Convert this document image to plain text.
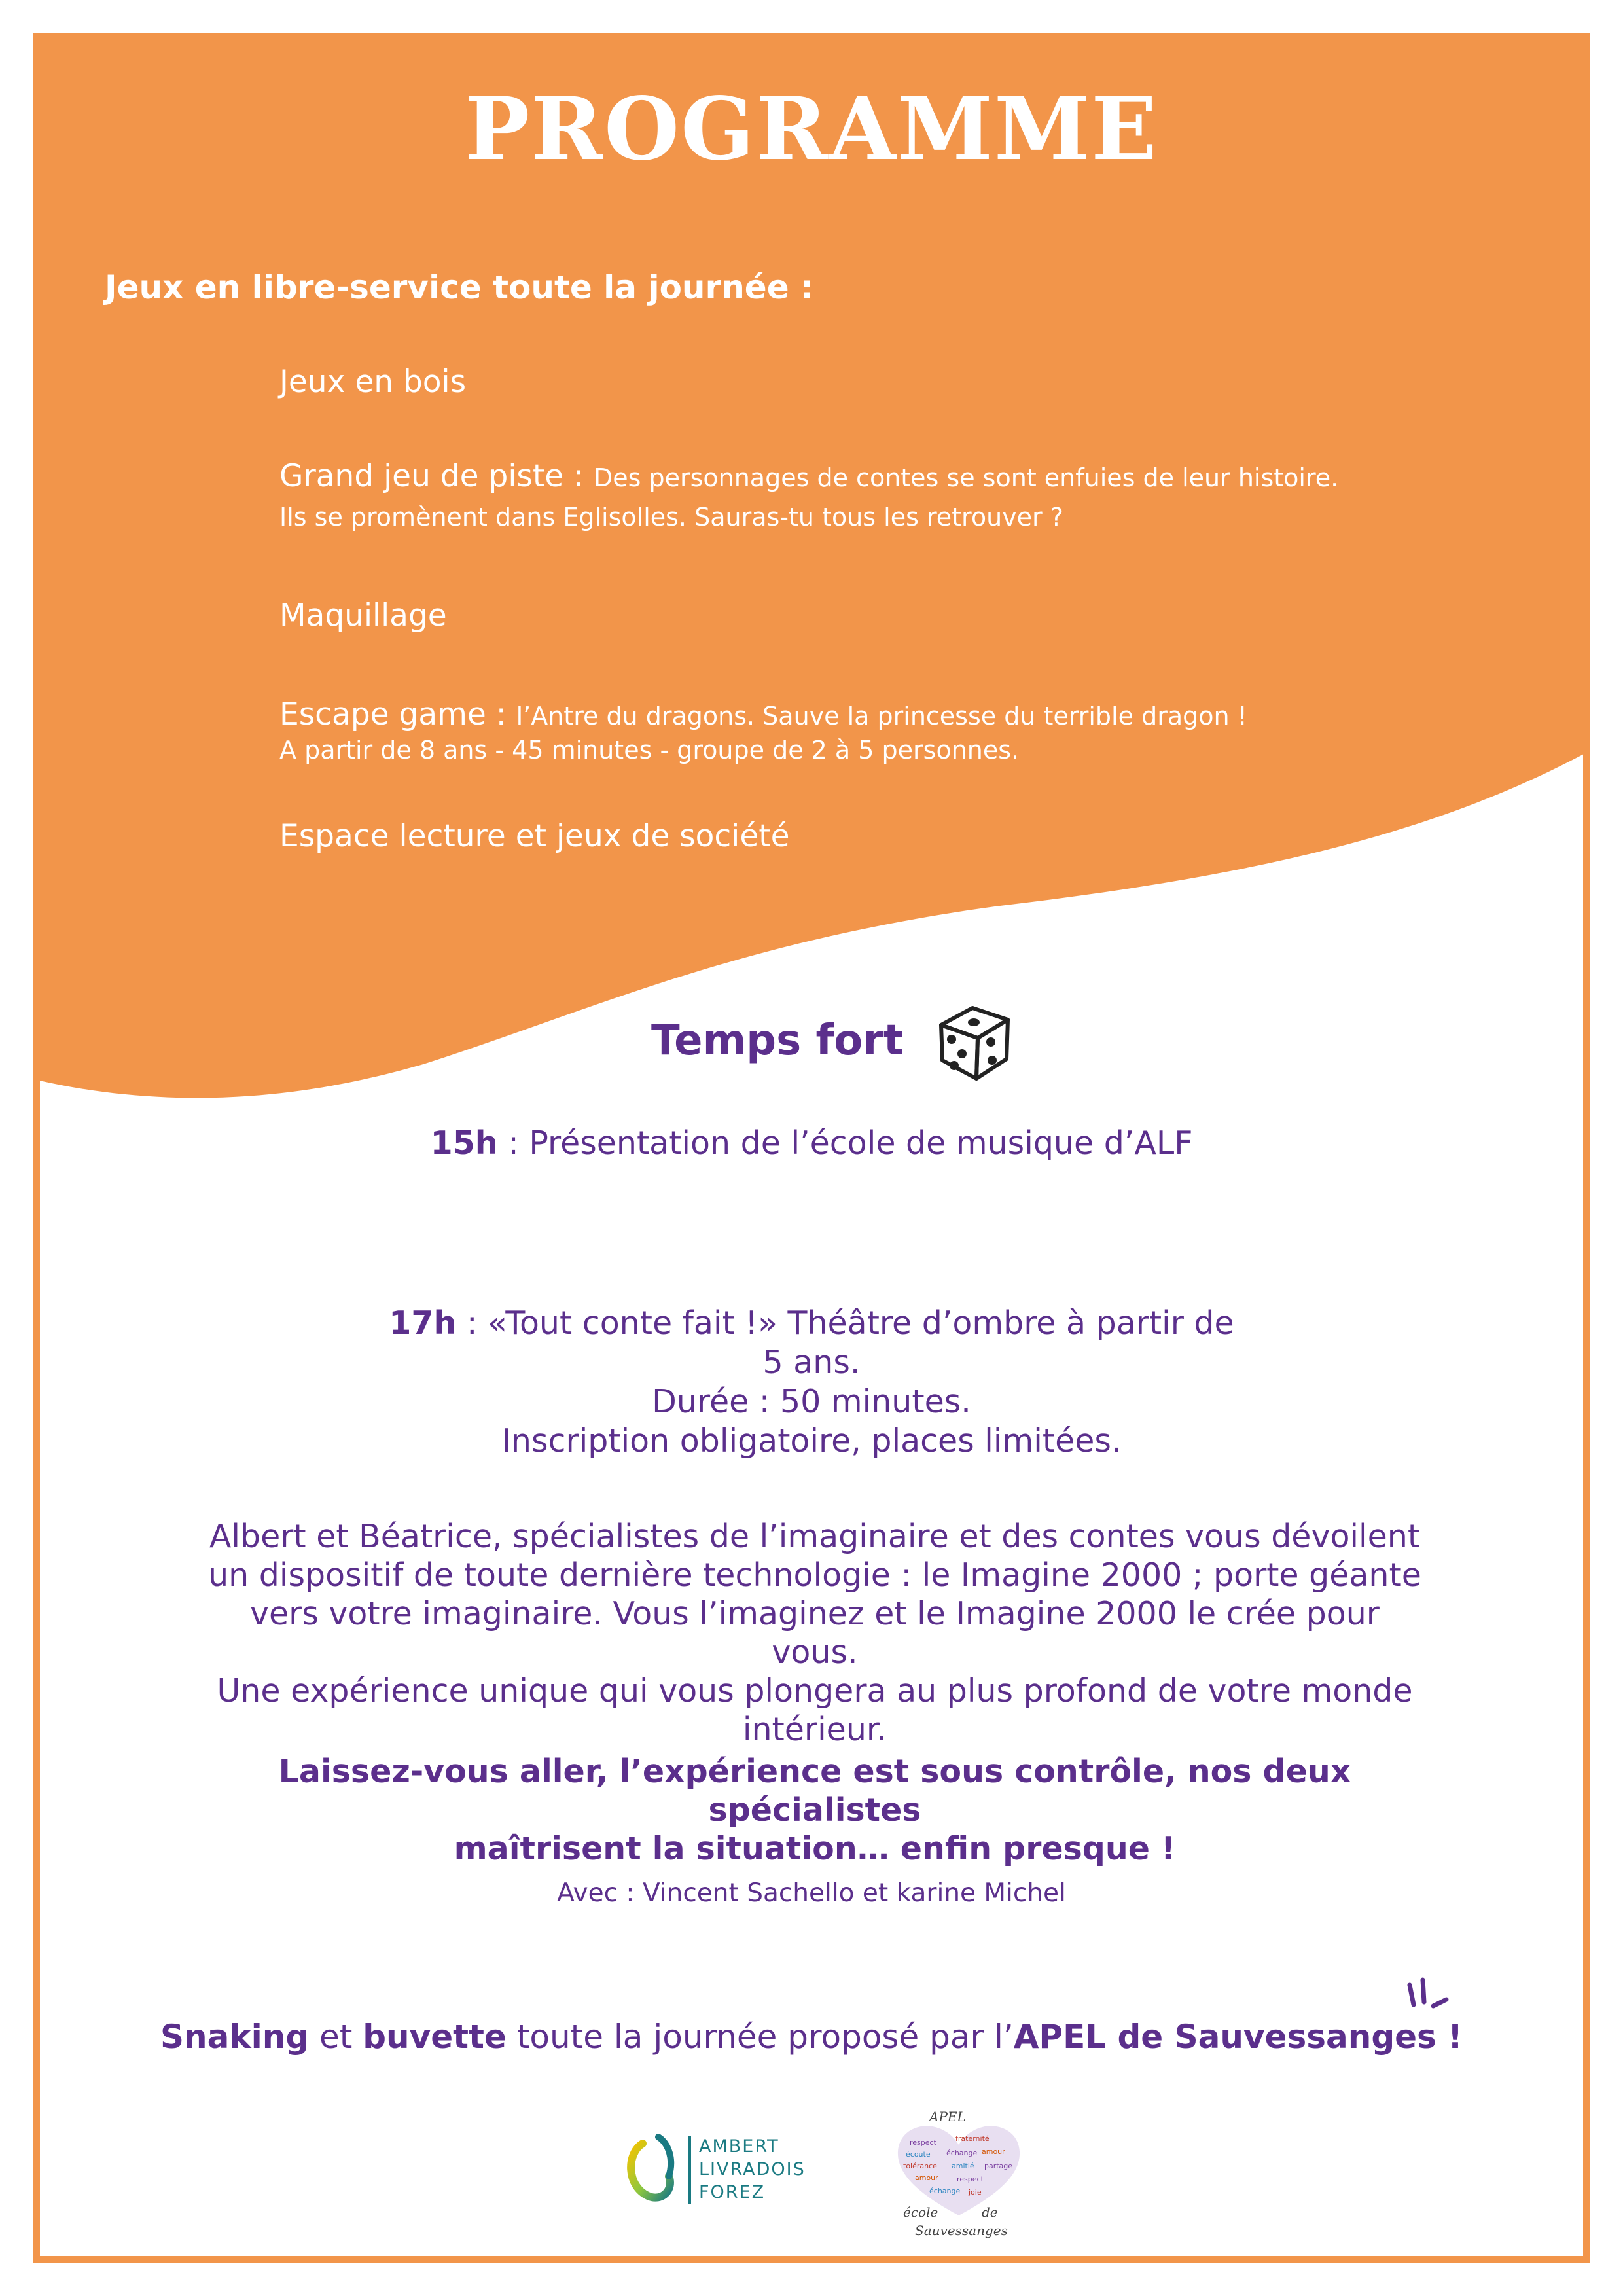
PROGRAMME
Jeux en libre-service toute la journée :
Jeux en bois
Grand jeu de piste : Des personnages de contes se sont enfuies de leur histoire.
Ils se promènent dans Eglisolles. Sauras-tu tous les retrouver ?
Maquillage
Escape game : l’Antre du dragons. Sauve la princesse du terrible dragon !
A partir de 8 ans - 45 minutes - groupe de 2 à 5 personnes.
Espace lecture et jeux de société
Temps fort
15h : Présentation de l’école de musique d’ALF
17h : «Tout conte fait !» Théâtre d’ombre à partir de
5 ans.
Durée : 50 minutes.
Inscription obligatoire, places limitées.
Albert et Béatrice, spécialistes de l’imaginaire et des contes vous dévoilent
un dispositif de toute dernière technologie : le Imagine 2000 ; porte géante
vers votre imaginaire. Vous l’imaginez et le Imagine 2000 le crée pour vous.
Une expérience unique qui vous plongera au plus profond de votre monde
intérieur.
Laissez-vous aller, l’expérience est sous contrôle, nos deux spécialistes
maîtrisent la situation… enfin presque !
Avec : Vincent Sachello et karine Michel
Snaking et buvette toute la journée proposé par l’APEL de Sauvessanges !
AMBERT
LIVRADOIS
FOREZ
APEL
respect	fraternité
écoute échange amour
tolérance amitié partage
amour	respect
échange joie
école	de
Sauvessanges
